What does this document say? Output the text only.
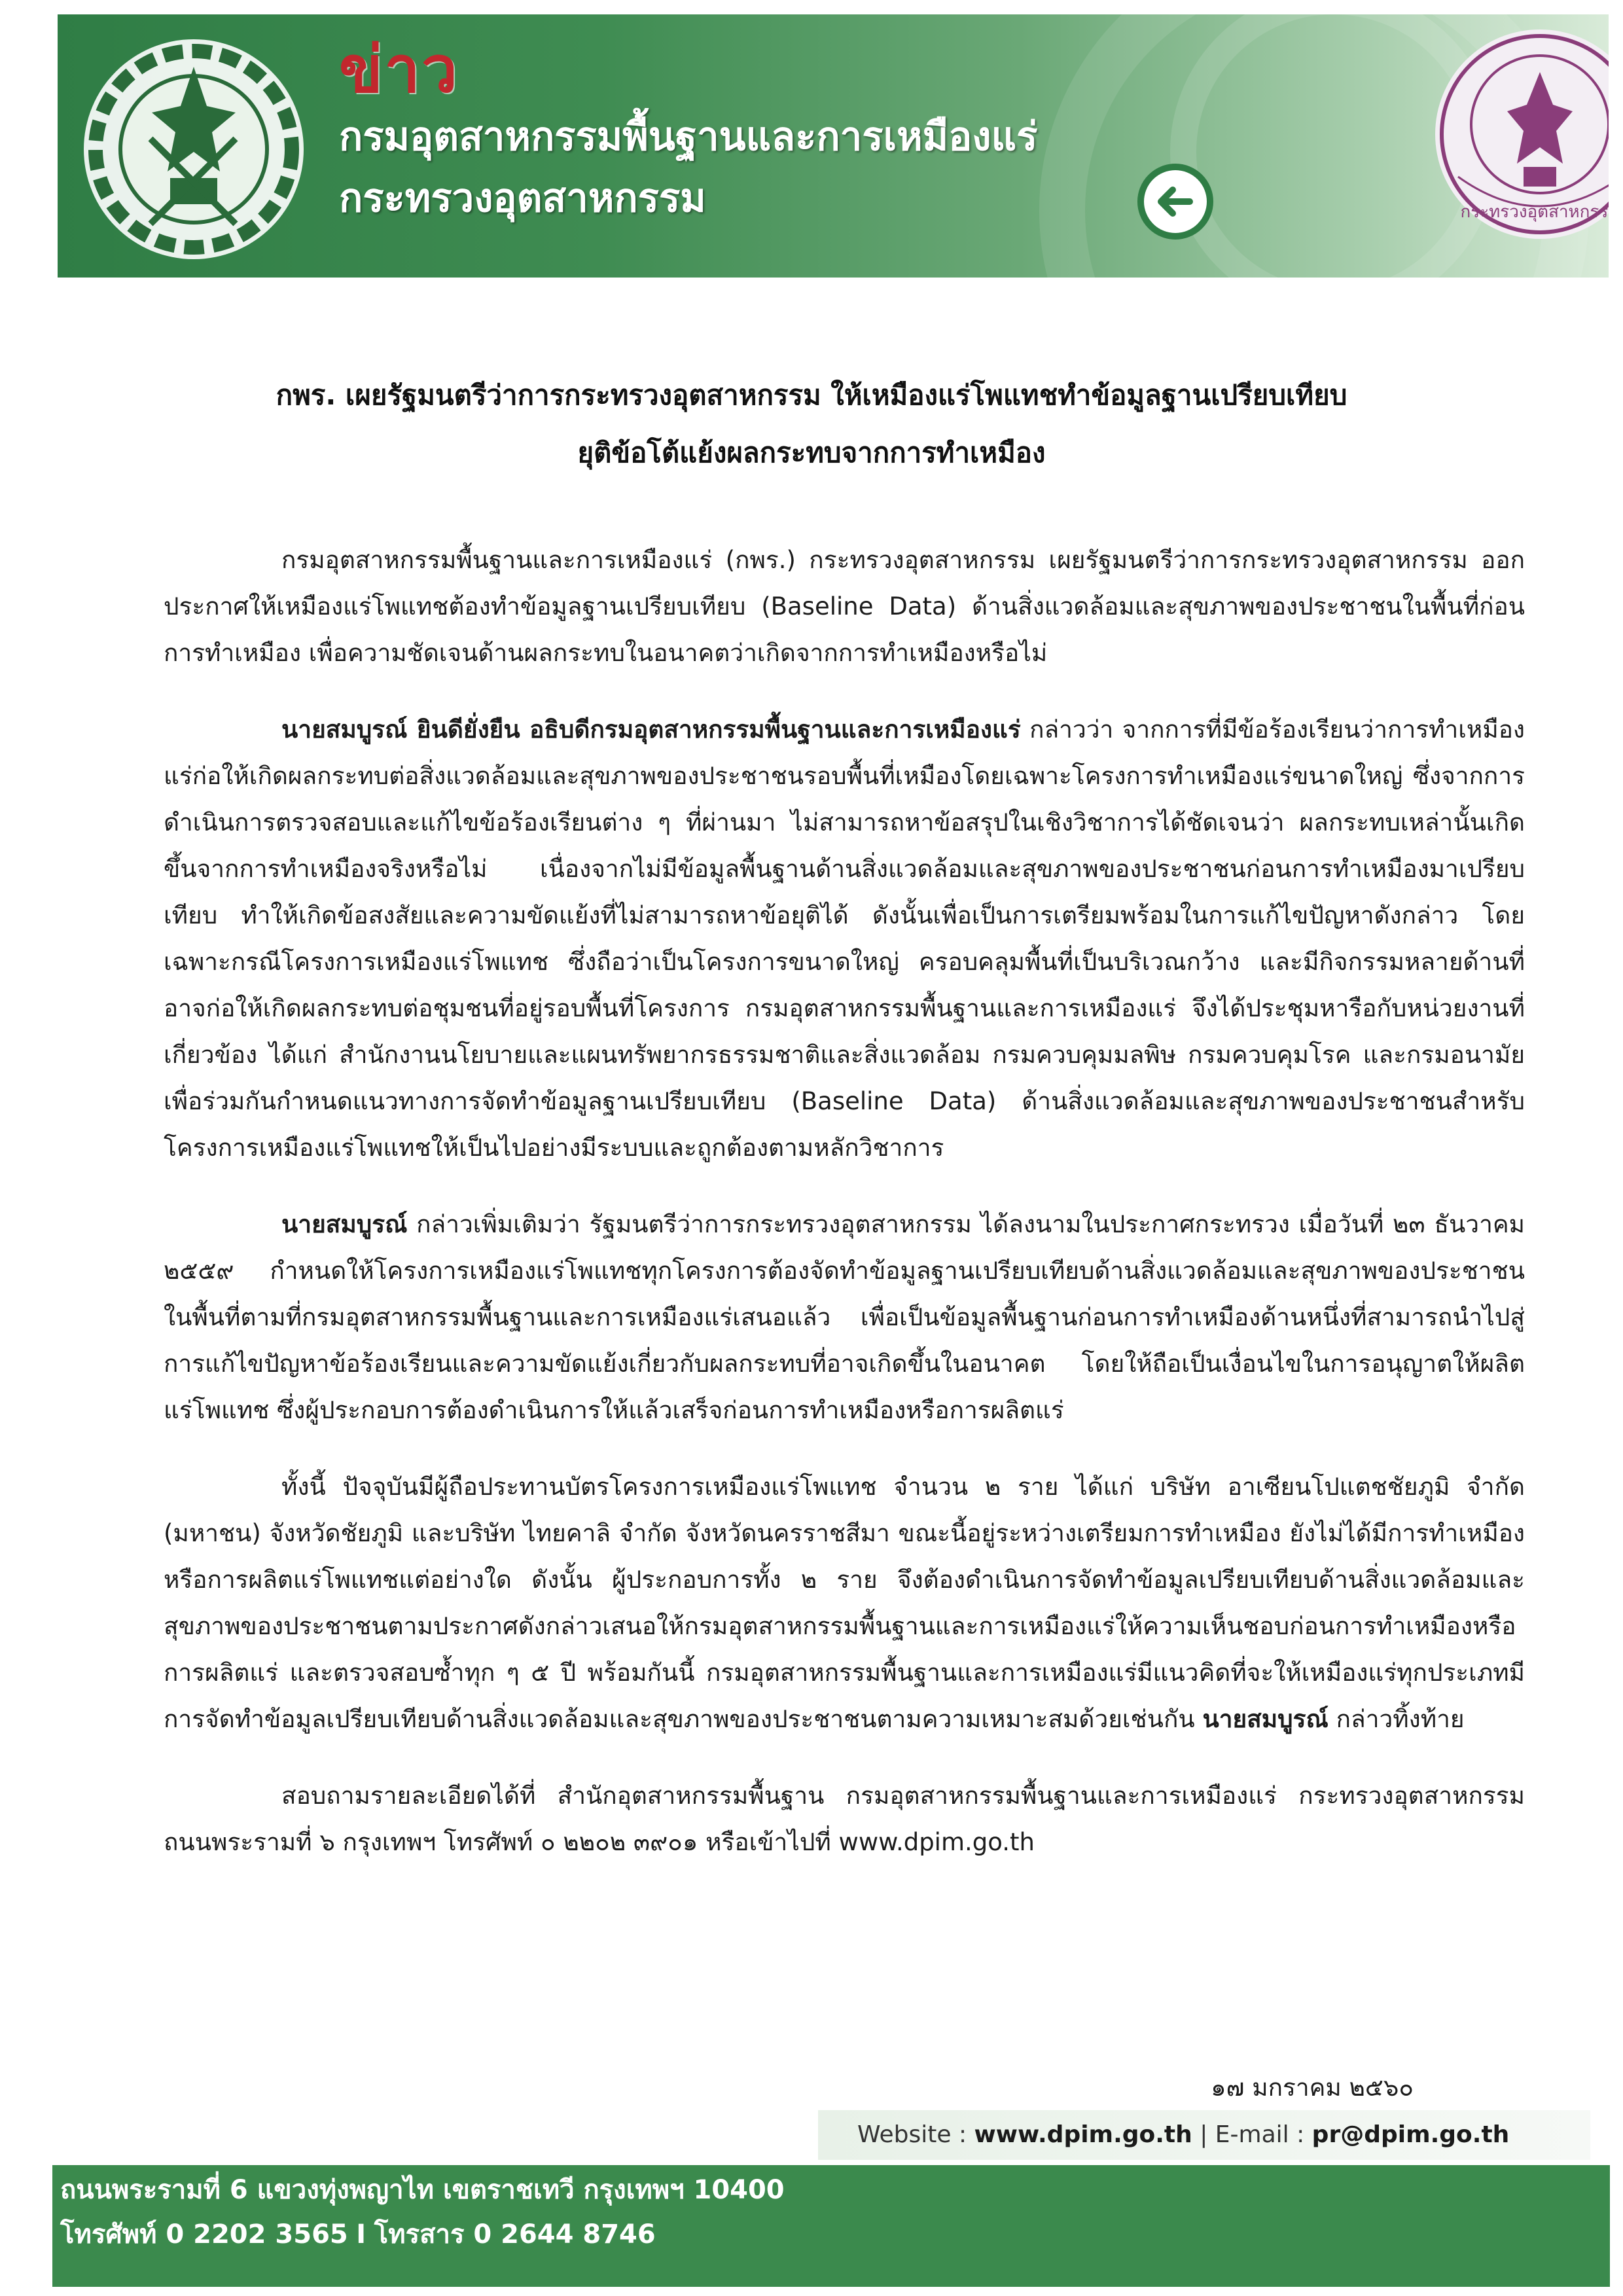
ข่าว
กรมอุตสาหกรรมพื้นฐานและการเหมืองแร่
กระทรวงอุตสาหกรรม	กระทรวงอุตสาหกรรม
กพร. เผยรัฐมนตรีว่าการกระทรวงอุตสาหกรรม ให้เหมืองแร่โพแทชทำข้อมูลฐานเปรียบเทียบ
ยุติข้อโต้แย้งผลกระทบจากการทำเหมือง

กรมอุตสาหกรรมพื้นฐานและการเหมืองแร่ (กพร.) กระทรวงอุตสาหกรรม เผยรัฐมนตรีว่าการกระทรวงอุตสาหกรรม ออกประกาศให้เหมืองแร่โพแทชต้องทำข้อมูลฐานเปรียบเทียบ (Baseline Data) ด้านสิ่งแวดล้อมและสุขภาพของประชาชนในพื้นที่ก่อนการทำเหมือง เพื่อความชัดเจนด้านผลกระทบในอนาคตว่าเกิดจากการทำเหมืองหรือไม่

นายสมบูรณ์ ยินดียั่งยืน อธิบดีกรมอุตสาหกรรมพื้นฐานและการเหมืองแร่ กล่าวว่า จากการที่มีข้อร้องเรียนว่าการทำเหมืองแร่ก่อให้เกิดผลกระทบต่อสิ่งแวดล้อมและสุขภาพของประชาชนรอบพื้นที่เหมืองโดยเฉพาะโครงการทำเหมืองแร่ขนาดใหญ่ ซึ่งจากการดำเนินการตรวจสอบและแก้ไขข้อร้องเรียนต่าง ๆ ที่ผ่านมา ไม่สามารถหาข้อสรุปในเชิงวิชาการได้ชัดเจนว่า ผลกระทบเหล่านั้นเกิดขึ้นจากการทำเหมืองจริงหรือไม่ เนื่องจากไม่มีข้อมูลพื้นฐานด้านสิ่งแวดล้อมและสุขภาพของประชาชนก่อนการทำเหมืองมาเปรียบเทียบ ทำให้เกิดข้อสงสัยและความขัดแย้งที่ไม่สามารถหาข้อยุติได้ ดังนั้นเพื่อเป็นการเตรียมพร้อมในการแก้ไขปัญหาดังกล่าว โดยเฉพาะกรณีโครงการเหมืองแร่โพแทช ซึ่งถือว่าเป็นโครงการขนาดใหญ่ ครอบคลุมพื้นที่เป็นบริเวณกว้าง และมีกิจกรรมหลายด้านที่อาจก่อให้เกิดผลกระทบต่อชุมชนที่อยู่รอบพื้นที่โครงการ กรมอุตสาหกรรมพื้นฐานและการเหมืองแร่ จึงได้ประชุมหารือกับหน่วยงานที่เกี่ยวข้อง ได้แก่ สำนักงานนโยบายและแผนทรัพยากรธรรมชาติและสิ่งแวดล้อม กรมควบคุมมลพิษ กรมควบคุมโรค และกรมอนามัย เพื่อร่วมกันกำหนดแนวทางการจัดทำข้อมูลฐานเปรียบเทียบ (Baseline Data) ด้านสิ่งแวดล้อมและสุขภาพของประชาชนสำหรับโครงการเหมืองแร่โพแทชให้เป็นไปอย่างมีระบบและถูกต้องตามหลักวิชาการ

นายสมบูรณ์ กล่าวเพิ่มเติมว่า รัฐมนตรีว่าการกระทรวงอุตสาหกรรม ได้ลงนามในประกาศกระทรวง เมื่อวันที่ ๒๓ ธันวาคม ๒๕๕๙ กำหนดให้โครงการเหมืองแร่โพแทชทุกโครงการต้องจัดทำข้อมูลฐานเปรียบเทียบด้านสิ่งแวดล้อมและสุขภาพของประชาชนในพื้นที่ตามที่กรมอุตสาหกรรมพื้นฐานและการเหมืองแร่เสนอแล้ว เพื่อเป็นข้อมูลพื้นฐานก่อนการทำเหมืองด้านหนึ่งที่สามารถนำไปสู่การแก้ไขปัญหาข้อร้องเรียนและความขัดแย้งเกี่ยวกับผลกระทบที่อาจเกิดขึ้นในอนาคต โดยให้ถือเป็นเงื่อนไขในการอนุญาตให้ผลิตแร่โพแทช ซึ่งผู้ประกอบการต้องดำเนินการให้แล้วเสร็จก่อนการทำเหมืองหรือการผลิตแร่

ทั้งนี้ ปัจจุบันมีผู้ถือประทานบัตรโครงการเหมืองแร่โพแทช จำนวน ๒ ราย ได้แก่ บริษัท อาเซียนโปแตชชัยภูมิ จำกัด (มหาชน) จังหวัดชัยภูมิ และบริษัท ไทยคาลิ จำกัด จังหวัดนครราชสีมา ขณะนี้อยู่ระหว่างเตรียมการทำเหมือง ยังไม่ได้มีการทำเหมืองหรือการผลิตแร่โพแทชแต่อย่างใด ดังนั้น ผู้ประกอบการทั้ง ๒ ราย จึงต้องดำเนินการจัดทำข้อมูลเปรียบเทียบด้านสิ่งแวดล้อมและสุขภาพของประชาชนตามประกาศดังกล่าวเสนอให้กรมอุตสาหกรรมพื้นฐานและการเหมืองแร่ให้ความเห็นชอบก่อนการทำเหมืองหรือการผลิตแร่ และตรวจสอบซ้ำทุก ๆ ๕ ปี พร้อมกันนี้ กรมอุตสาหกรรมพื้นฐานและการเหมืองแร่มีแนวคิดที่จะให้เหมืองแร่ทุกประเภทมีการจัดทำข้อมูลเปรียบเทียบด้านสิ่งแวดล้อมและสุขภาพของประชาชนตามความเหมาะสมด้วยเช่นกัน นายสมบูรณ์ กล่าวทิ้งท้าย

สอบถามรายละเอียดได้ที่ สำนักอุตสาหกรรมพื้นฐาน กรมอุตสาหกรรมพื้นฐานและการเหมืองแร่ กระทรวงอุตสาหกรรม ถนนพระรามที่ ๖ กรุงเทพฯ โทรศัพท์ ๐ ๒๒๐๒ ๓๙๐๑ หรือเข้าไปที่ www.dpim.go.th

๑๗ มกราคม ๒๕๖๐
Website : www.dpim.go.th | E-mail : pr@dpim.go.th
ถนนพระรามที่ 6 แขวงทุ่งพญาไท เขตราชเทวี กรุงเทพฯ 10400
โทรศัพท์ 0 2202 3565 I โทรสาร 0 2644 8746
